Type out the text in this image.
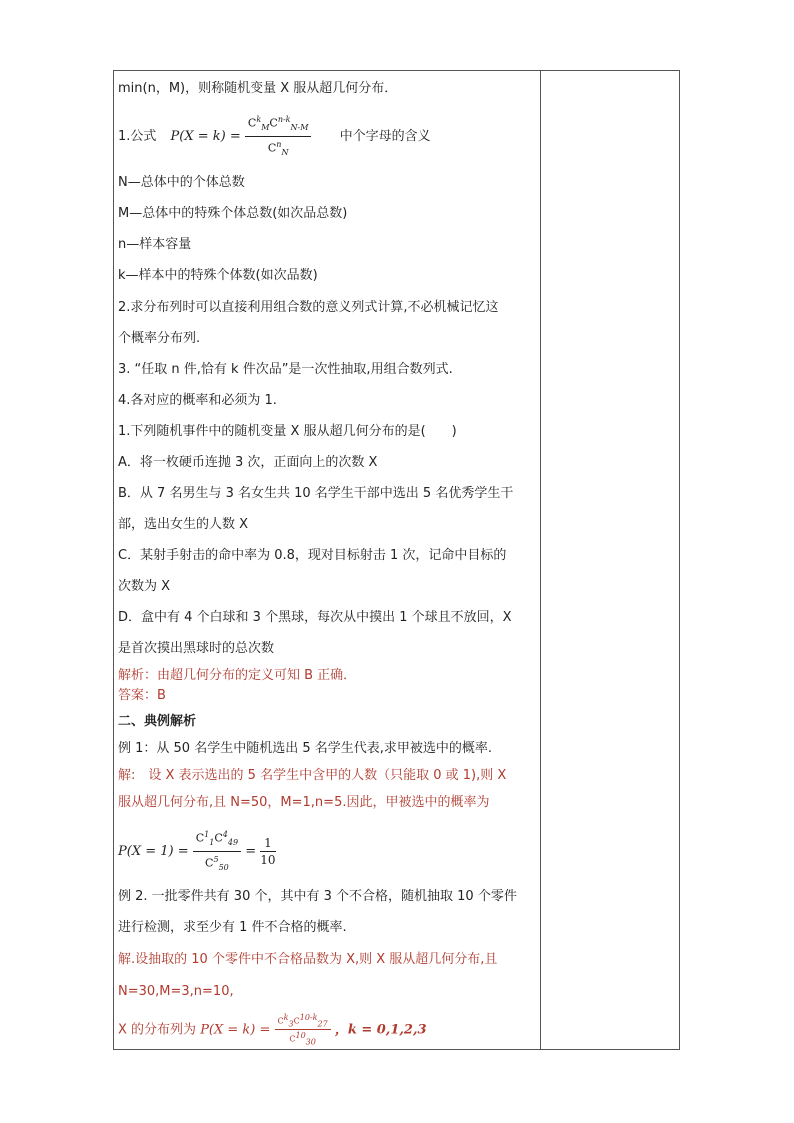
min(n，M)，则称随机变量 X 服从超几何分布．
1.公式 $P(X = k) = \frac{C^k_MC^{n-k}_{N-M}}{C^n_N}$ 中个字母的含义
N—总体中的个体总数
M—总体中的特殊个体总数(如次品总数)
n—样本容量
k—样本中的特殊个体数(如次品数)
2.求分布列时可以直接利用组合数的意义列式计算,不必机械记忆这
个概率分布列.
3. “任取 n 件,恰有 k 件次品”是一次性抽取,用组合数列式.
4.各对应的概率和必须为 1.
1.下列随机事件中的随机变量 X 服从超几何分布的是(　　)
A．将一枚硬币连抛 3 次，正面向上的次数 X
B．从 7 名男生与 3 名女生共 10 名学生干部中选出 5 名优秀学生干
部，选出女生的人数 X
C．某射手射击的命中率为 0.8，现对目标射击 1 次，记命中目标的
次数为 X
D．盒中有 4 个白球和 3 个黑球，每次从中摸出 1 个球且不放回，X
是首次摸出黑球时的总次数
解析：由超几何分布的定义可知 B 正确．
答案：B
二、典例解析
例 1：从 50 名学生中随机选出 5 名学生代表,求甲被选中的概率.
解:　设 X 表示选出的 5 名学生中含甲的人数（只能取 0 或 1),则 X
服从超几何分布,且 N=50，M=1,n=5.因此，甲被选中的概率为
$P(X = 1) = \frac{C^1_1C^4_{49}}{C^5_{50}} = \frac{1}{10}$
例 2. 一批零件共有 30 个，其中有 3 个不合格，随机抽取 10 个零件
进行检测，求至少有 1 件不合格的概率.
解.设抽取的 10 个零件中不合格品数为 X,则 X 服从超几何分布,且
N=30,M=3,n=10,
X 的分布列为 $P(X = k) = \frac{C^k_3C^{10-k}_{27}}{C^{10}_{30}}$ ，k = 0,1,2,3
